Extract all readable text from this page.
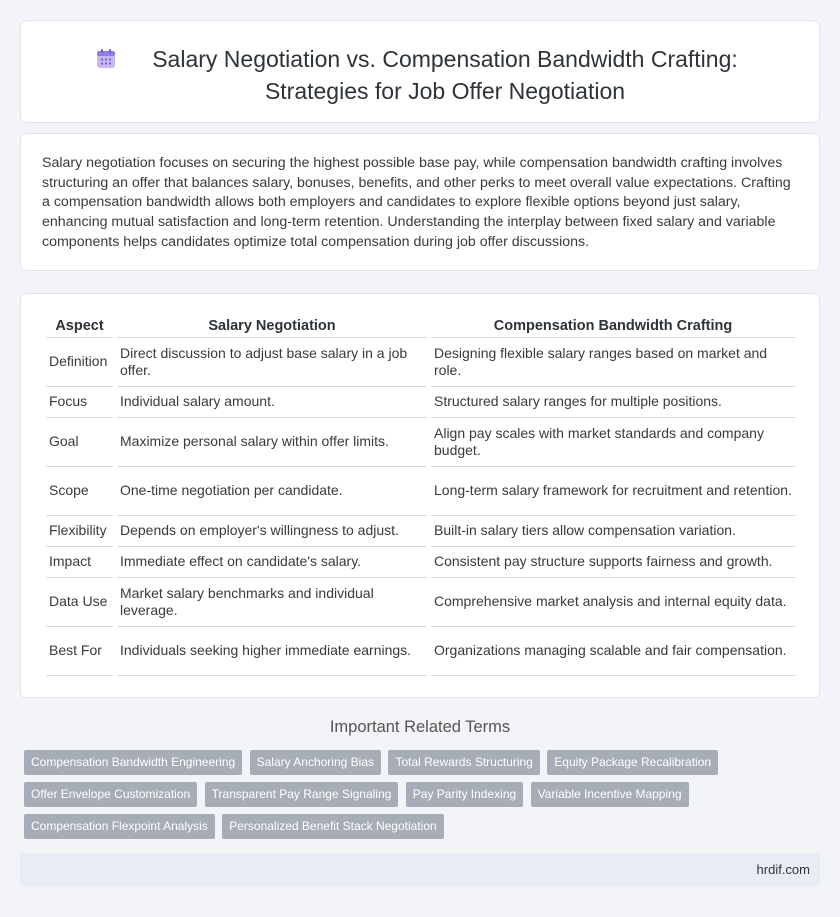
Salary Negotiation vs. Compensation Bandwidth Crafting:
Strategies for Job Offer Negotiation

Salary negotiation focuses on securing the highest possible base pay, while compensation bandwidth crafting involves structuring an offer that balances salary, bonuses, benefits, and other perks to meet overall value expectations. Crafting a compensation bandwidth allows both employers and candidates to explore flexible options beyond just salary, enhancing mutual satisfaction and long-term retention. Understanding the interplay between fixed salary and variable components helps candidates optimize total compensation during job offer discussions.

Aspect	Salary Negotiation	Compensation Bandwidth Crafting
Definition	Direct discussion to adjust base salary in a job offer.	Designing flexible salary ranges based on market and role.
Focus	Individual salary amount.	Structured salary ranges for multiple positions.
Goal	Maximize personal salary within offer limits.	Align pay scales with market standards and company budget.
Scope	One-time negotiation per candidate.	Long-term salary framework for recruitment and retention.
Flexibility	Depends on employer's willingness to adjust.	Built-in salary tiers allow compensation variation.
Impact	Immediate effect on candidate's salary.	Consistent pay structure supports fairness and growth.
Data Use	Market salary benchmarks and individual leverage.	Comprehensive market analysis and internal equity data.
Best For	Individuals seeking higher immediate earnings.	Organizations managing scalable and fair compensation.
Important Related Terms
Compensation Bandwidth Engineering Salary Anchoring Bias Total Rewards Structuring Equity Package Recalibration
Offer Envelope Customization Transparent Pay Range Signaling Pay Parity Indexing Variable Incentive Mapping
Compensation Flexpoint Analysis Personalized Benefit Stack Negotiation
hrdif.com
